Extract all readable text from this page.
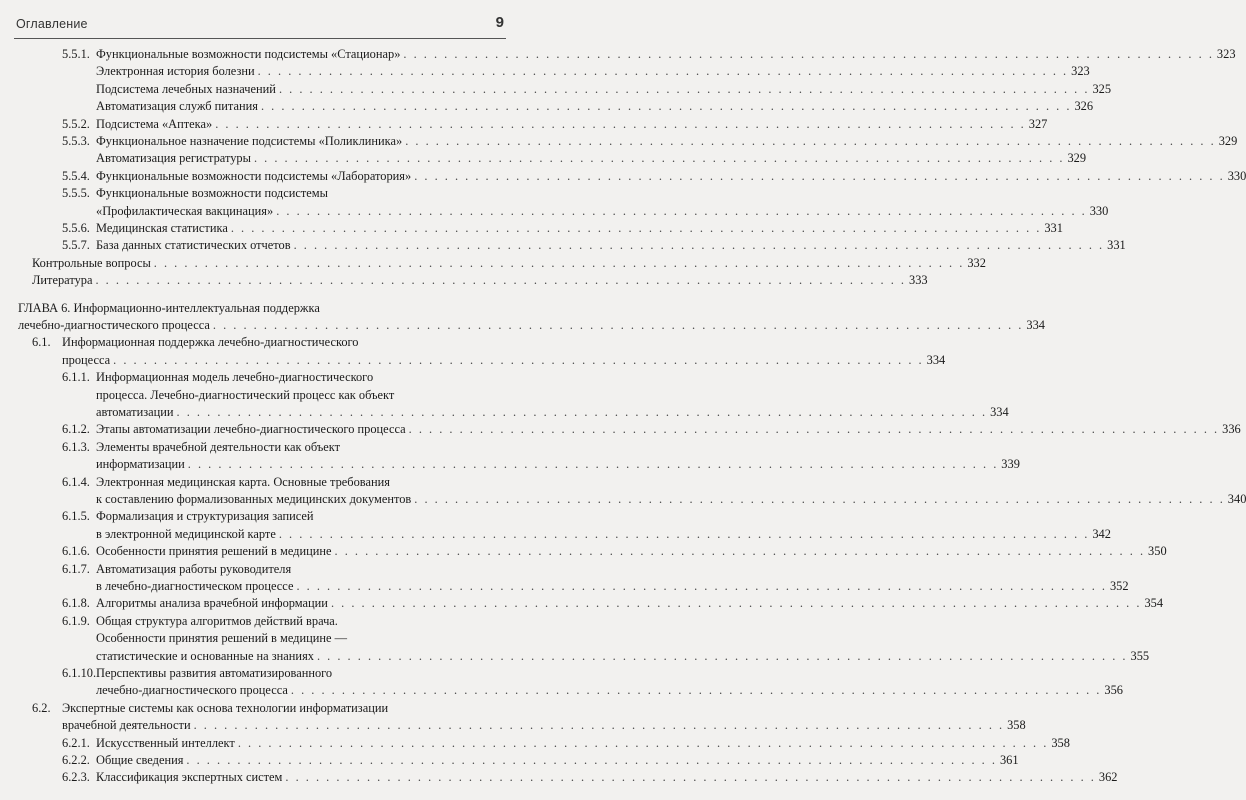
Оглавление	9
5.5.1. Функциональные возможности подсистемы «Стационар» . . . . . . . . . . . . . . . . . . . . . . . . . . . . . . . . . . . . . . . . . . . . . . . . . . . . . . . . . . . . . . . . . . . . . . . . . . . . . . . . 323
Электронная история болезни . . . . . . . . . . . . . . . . . . . . . . . . . . . . . . . . . . . . . . . . . . . . . . . . . . . . . . . . . . . . . . . . . . . . . . . . . . . . . . . . 323
Подсистема лечебных назначений . . . . . . . . . . . . . . . . . . . . . . . . . . . . . . . . . . . . . . . . . . . . . . . . . . . . . . . . . . . . . . . . . . . . . . . . . . . . . . . . 325
Автоматизация служб питания . . . . . . . . . . . . . . . . . . . . . . . . . . . . . . . . . . . . . . . . . . . . . . . . . . . . . . . . . . . . . . . . . . . . . . . . . . . . . . . . 326
5.5.2. Подсистема «Аптека» . . . . . . . . . . . . . . . . . . . . . . . . . . . . . . . . . . . . . . . . . . . . . . . . . . . . . . . . . . . . . . . . . . . . . . . . . . . . . . . . 327
5.5.3. Функциональное назначение подсистемы «Поликлиника» . . . . . . . . . . . . . . . . . . . . . . . . . . . . . . . . . . . . . . . . . . . . . . . . . . . . . . . . . . . . . . . . . . . . . . . . . . . . . . . . 329
Автоматизация регистратуры . . . . . . . . . . . . . . . . . . . . . . . . . . . . . . . . . . . . . . . . . . . . . . . . . . . . . . . . . . . . . . . . . . . . . . . . . . . . . . . . 329
5.5.4. Функциональные возможности подсистемы «Лаборатория» . . . . . . . . . . . . . . . . . . . . . . . . . . . . . . . . . . . . . . . . . . . . . . . . . . . . . . . . . . . . . . . . . . . . . . . . . . . . . . . . 330
5.5.5. Функциональные возможности подсистемы
«Профилактическая вакцинация» . . . . . . . . . . . . . . . . . . . . . . . . . . . . . . . . . . . . . . . . . . . . . . . . . . . . . . . . . . . . . . . . . . . . . . . . . . . . . . . . 330
5.5.6. Медицинская статистика . . . . . . . . . . . . . . . . . . . . . . . . . . . . . . . . . . . . . . . . . . . . . . . . . . . . . . . . . . . . . . . . . . . . . . . . . . . . . . . . 331
5.5.7. База данных статистических отчетов . . . . . . . . . . . . . . . . . . . . . . . . . . . . . . . . . . . . . . . . . . . . . . . . . . . . . . . . . . . . . . . . . . . . . . . . . . . . . . . . 331
Контрольные вопросы . . . . . . . . . . . . . . . . . . . . . . . . . . . . . . . . . . . . . . . . . . . . . . . . . . . . . . . . . . . . . . . . . . . . . . . . . . . . . . . . 332
Литература . . . . . . . . . . . . . . . . . . . . . . . . . . . . . . . . . . . . . . . . . . . . . . . . . . . . . . . . . . . . . . . . . . . . . . . . . . . . . . . . 333
ГЛАВА 6. Информационно-интеллектуальная поддержка
лечебно-диагностического процесса . . . . . . . . . . . . . . . . . . . . . . . . . . . . . . . . . . . . . . . . . . . . . . . . . . . . . . . . . . . . . . . . . . . . . . . . . . . . . . . . 334
6.1. Информационная поддержка лечебно-диагностического
процесса . . . . . . . . . . . . . . . . . . . . . . . . . . . . . . . . . . . . . . . . . . . . . . . . . . . . . . . . . . . . . . . . . . . . . . . . . . . . . . . . 334
6.1.1. Информационная модель лечебно-диагностического
процесса. Лечебно-диагностический процесс как объект
автоматизации . . . . . . . . . . . . . . . . . . . . . . . . . . . . . . . . . . . . . . . . . . . . . . . . . . . . . . . . . . . . . . . . . . . . . . . . . . . . . . . . 334
6.1.2. Этапы автоматизации лечебно-диагностического процесса . . . . . . . . . . . . . . . . . . . . . . . . . . . . . . . . . . . . . . . . . . . . . . . . . . . . . . . . . . . . . . . . . . . . . . . . . . . . . . . . 336
6.1.3. Элементы врачебной деятельности как объект
информатизации . . . . . . . . . . . . . . . . . . . . . . . . . . . . . . . . . . . . . . . . . . . . . . . . . . . . . . . . . . . . . . . . . . . . . . . . . . . . . . . . 339
6.1.4. Электронная медицинская карта. Основные требования
к составлению формализованных медицинских документов . . . . . . . . . . . . . . . . . . . . . . . . . . . . . . . . . . . . . . . . . . . . . . . . . . . . . . . . . . . . . . . . . . . . . . . . . . . . . . . . 340
6.1.5. Формализация и структуризация записей
в электронной медицинской карте . . . . . . . . . . . . . . . . . . . . . . . . . . . . . . . . . . . . . . . . . . . . . . . . . . . . . . . . . . . . . . . . . . . . . . . . . . . . . . . . 342
6.1.6. Особенности принятия решений в медицине . . . . . . . . . . . . . . . . . . . . . . . . . . . . . . . . . . . . . . . . . . . . . . . . . . . . . . . . . . . . . . . . . . . . . . . . . . . . . . . . 350
6.1.7. Автоматизация работы руководителя
в лечебно-диагностическом процессе . . . . . . . . . . . . . . . . . . . . . . . . . . . . . . . . . . . . . . . . . . . . . . . . . . . . . . . . . . . . . . . . . . . . . . . . . . . . . . . . 352
6.1.8. Алгоритмы анализа врачебной информации . . . . . . . . . . . . . . . . . . . . . . . . . . . . . . . . . . . . . . . . . . . . . . . . . . . . . . . . . . . . . . . . . . . . . . . . . . . . . . . . 354
6.1.9. Общая структура алгоритмов действий врача.
Особенности принятия решений в медицине —
статистические и основанные на знаниях . . . . . . . . . . . . . . . . . . . . . . . . . . . . . . . . . . . . . . . . . . . . . . . . . . . . . . . . . . . . . . . . . . . . . . . . . . . . . . . . 355
6.1.10. Перспективы развития автоматизированного
лечебно-диагностического процесса . . . . . . . . . . . . . . . . . . . . . . . . . . . . . . . . . . . . . . . . . . . . . . . . . . . . . . . . . . . . . . . . . . . . . . . . . . . . . . . . 356
6.2. Экспертные системы как основа технологии информатизации
врачебной деятельности . . . . . . . . . . . . . . . . . . . . . . . . . . . . . . . . . . . . . . . . . . . . . . . . . . . . . . . . . . . . . . . . . . . . . . . . . . . . . . . . 358
6.2.1. Искусственный интеллект . . . . . . . . . . . . . . . . . . . . . . . . . . . . . . . . . . . . . . . . . . . . . . . . . . . . . . . . . . . . . . . . . . . . . . . . . . . . . . . . 358
6.2.2. Общие сведения . . . . . . . . . . . . . . . . . . . . . . . . . . . . . . . . . . . . . . . . . . . . . . . . . . . . . . . . . . . . . . . . . . . . . . . . . . . . . . . . 361
6.2.3. Классификация экспертных систем . . . . . . . . . . . . . . . . . . . . . . . . . . . . . . . . . . . . . . . . . . . . . . . . . . . . . . . . . . . . . . . . . . . . . . . . . . . . . . . . 362
